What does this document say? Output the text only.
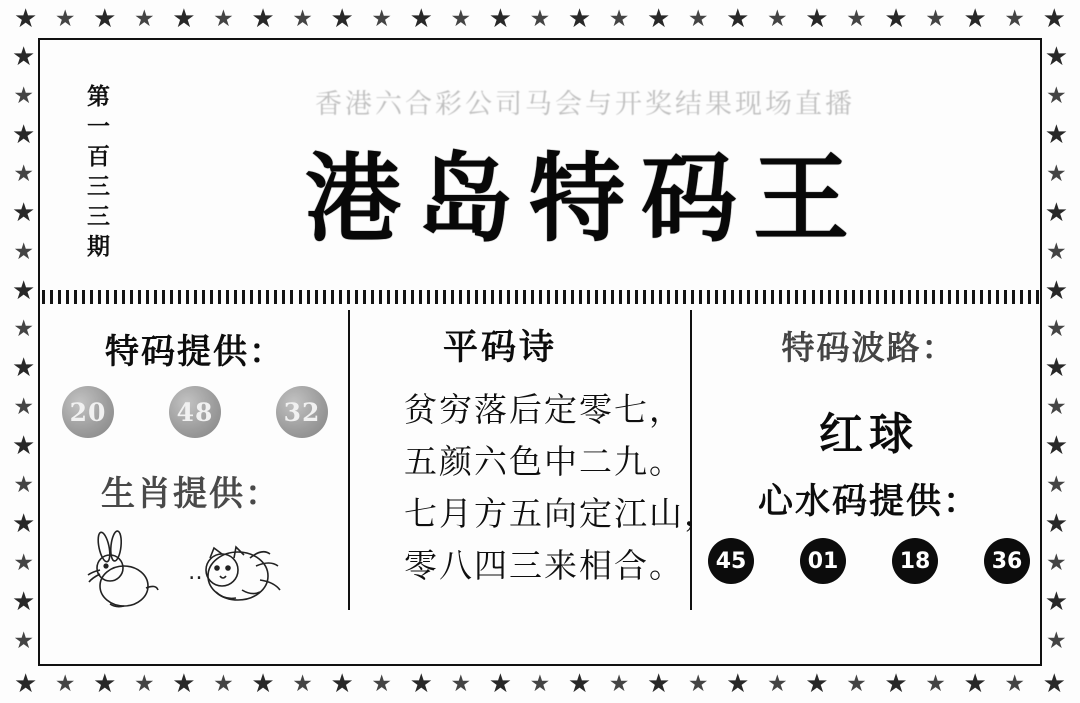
★ ★ ★ ★ ★ ★ ★ ★ ★ ★ ★ ★ ★ ★ ★ ★ ★ ★ ★ ★ ★ ★ ★ ★ ★ ★ ★
★ ★ ★ ★ ★ ★ ★ ★ ★ ★ ★ ★ ★ ★ ★ ★ ★ ★ ★ ★ ★ ★ ★ ★ ★ ★ ★
★
★
★
★
★
★
★
★
★
★
★
★
★
★
★
★
★
★
★
★
★
★
★
★
★
★
★
★
★
★
★
★
第
一
百
三
三
期
香港六合彩公司马会与开奖结果现场直播
港岛特码王
特码提供：
20	48	32
生肖提供：
‥
平码诗
贫穷落后定零七，
五颜六色中二九。
七月方五向定江山，
零八四三来相合。
特码波路：
红球
心水码提供：
45	01	18	36
